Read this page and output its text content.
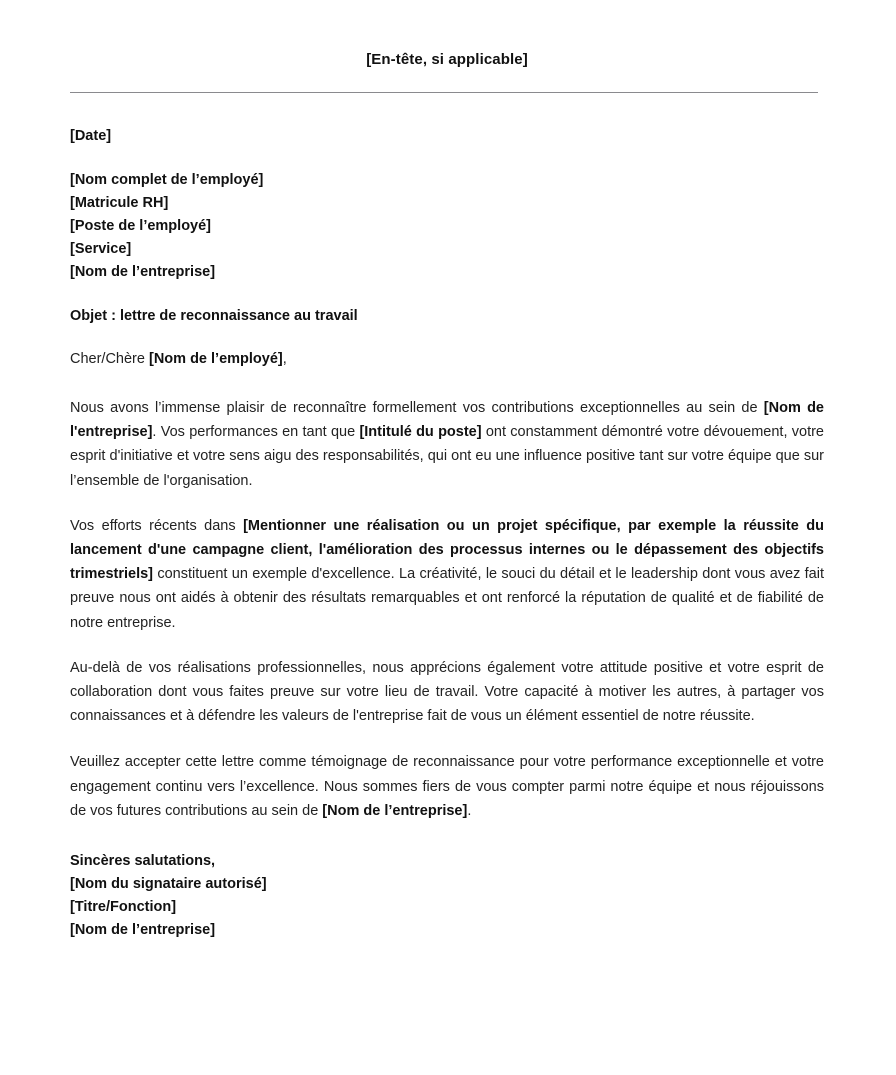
[En-tête, si applicable]
[Date]
[Nom complet de l’employé]
[Matricule RH]
[Poste de l’employé]
[Service]
[Nom de l’entreprise]
Objet : lettre de reconnaissance au travail
Cher/Chère [Nom de l’employé],
Nous avons l’immense plaisir de reconnaître formellement vos contributions exceptionnelles au sein de [Nom de l'entreprise]. Vos performances en tant que [Intitulé du poste] ont constamment démontré votre dévouement, votre esprit d'initiative et votre sens aigu des responsabilités, qui ont eu une influence positive tant sur votre équipe que sur l’ensemble de l'organisation.
Vos efforts récents dans [Mentionner une réalisation ou un projet spécifique, par exemple la réussite du lancement d'une campagne client, l'amélioration des processus internes ou le dépassement des objectifs trimestriels] constituent un exemple d'excellence. La créativité, le souci du détail et le leadership dont vous avez fait preuve nous ont aidés à obtenir des résultats remarquables et ont renforcé la réputation de qualité et de fiabilité de notre entreprise.
Au-delà de vos réalisations professionnelles, nous apprécions également votre attitude positive et votre esprit de collaboration dont vous faites preuve sur votre lieu de travail. Votre capacité à motiver les autres, à partager vos connaissances et à défendre les valeurs de l'entreprise fait de vous un élément essentiel de notre réussite.
Veuillez accepter cette lettre comme témoignage de reconnaissance pour votre performance exceptionnelle et votre engagement continu vers l’excellence. Nous sommes fiers de vous compter parmi notre équipe et nous réjouissons de vos futures contributions au sein de [Nom de l’entreprise].
Sincères salutations,
[Nom du signataire autorisé]
[Titre/Fonction]
[Nom de l’entreprise]
